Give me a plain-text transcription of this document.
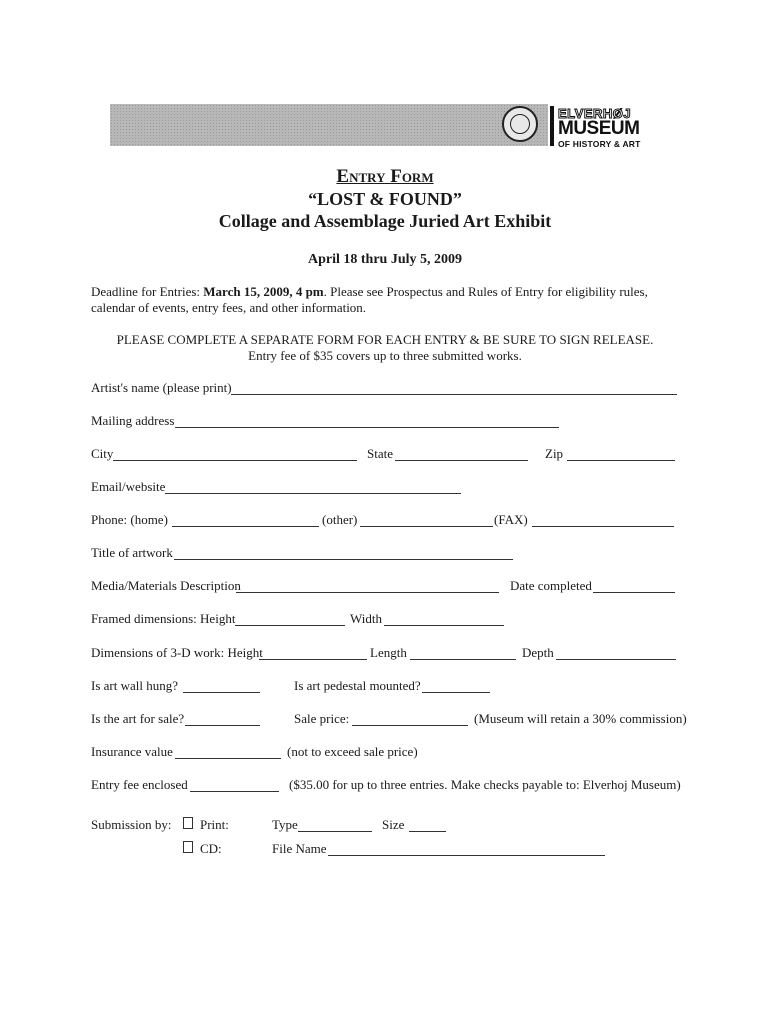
ELVERHØJ
MUSEUM
OF HISTORY & ART
Entry Form
“LOST & FOUND”
Collage and Assemblage Juried Art Exhibit
April 18 thru July 5, 2009
Deadline for Entries: March 15, 2009, 4 pm. Please see Prospectus and Rules of Entry for eligibility rules, calendar of events, entry fees, and other information.
PLEASE COMPLETE A SEPARATE FORM FOR EACH ENTRY & BE SURE TO SIGN RELEASE.
Entry fee of $35 covers up to three submitted works.
Artist's name (please print)
Mailing address
City	State	Zip
Email/website
Phone: (home)	(other)	(FAX)
Title of artwork
Media/Materials Description	Date completed
Framed dimensions: Height	Width
Dimensions of 3-D work: Height	Length	Depth
Is art wall hung?	Is art pedestal mounted?
Is the art for sale?	Sale price:	(Museum will retain a 30% commission)
Insurance value	(not to exceed sale price)
Entry fee enclosed	($35.00 for up to three entries. Make checks payable to: Elverhoj Museum)
Submission by: Print:	Type	Size
CD:	File Name
